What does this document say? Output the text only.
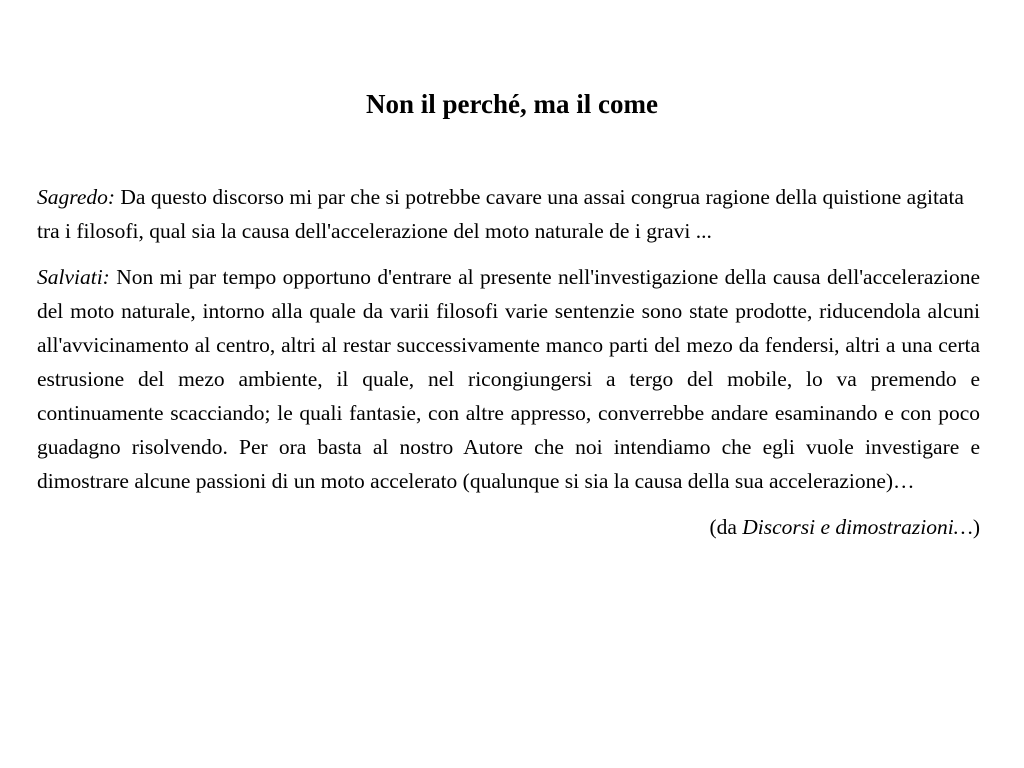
Non il perché, ma il come

Sagredo: Da questo discorso mi par che si potrebbe cavare una assai congrua ragione della quistione agitata tra i filosofi, qual sia la causa dell'accelerazione del moto naturale de i gravi ...

Salviati: Non mi par tempo opportuno d'entrare al presente nell'investigazione della causa dell'accelerazione del moto naturale, intorno alla quale da varii filosofi varie sentenzie sono state prodotte, riducendola alcuni all'avvicinamento al centro, altri al restar successivamente manco parti del mezo da fendersi, altri a una certa estrusione del mezo ambiente, il quale, nel ricongiungersi a tergo del mobile, lo va premendo e continuamente scacciando; le quali fantasie, con altre appresso, converrebbe andare esaminando e con poco guadagno risolvendo. Per ora basta al nostro Autore che noi intendiamo che egli vuole investigare e dimostrare alcune passioni di un moto accelerato (qualunque si sia la causa della sua accelerazione)…

(da Discorsi e dimostrazioni…)
